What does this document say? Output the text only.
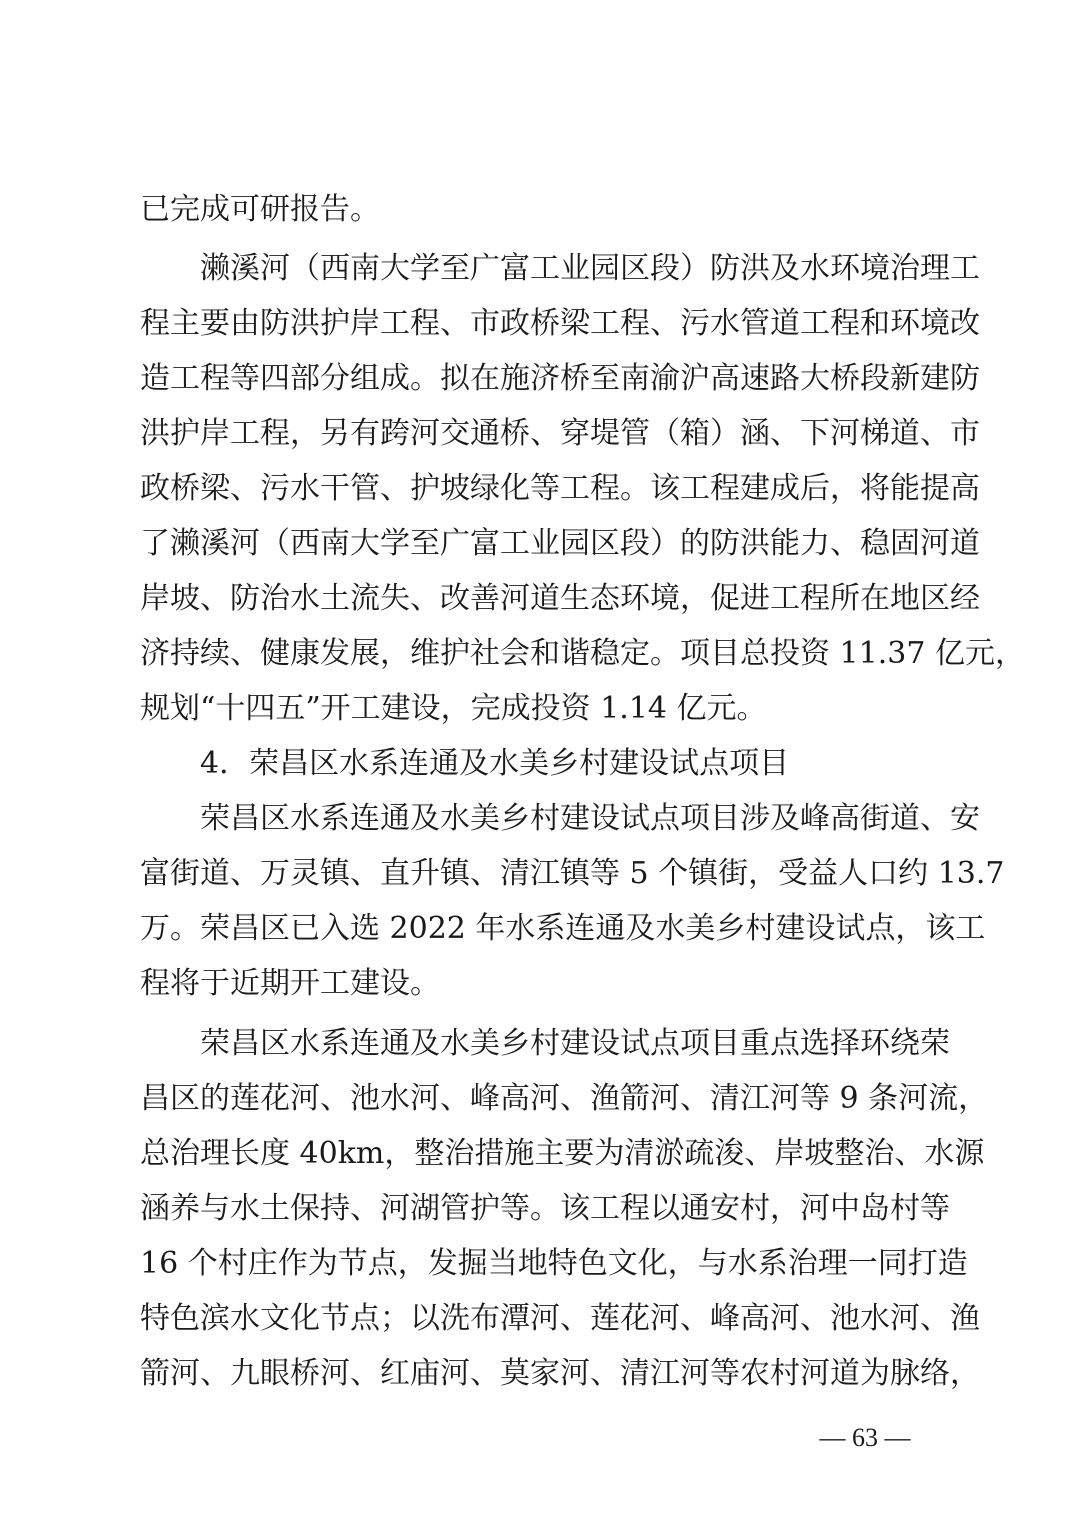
已完成可研报告。
濑溪河（西南大学至广富工业园区段）防洪及水环境治理工
程主要由防洪护岸工程、市政桥梁工程、污水管道工程和环境改
造工程等四部分组成。拟在施济桥至南渝沪高速路大桥段新建防
洪护岸工程，另有跨河交通桥、穿堤管（箱）涵、下河梯道、市
政桥梁、污水干管、护坡绿化等工程。该工程建成后，将能提高
了濑溪河（西南大学至广富工业园区段）的防洪能力、稳固河道
岸坡、防治水土流失、改善河道生态环境，促进工程所在地区经
济持续、健康发展，维护社会和谐稳定。项目总投资 11.37 亿元，
规划“十四五”开工建设，完成投资 1.14 亿元。
4．荣昌区水系连通及水美乡村建设试点项目
荣昌区水系连通及水美乡村建设试点项目涉及峰高街道、安
富街道、万灵镇、直升镇、清江镇等 5 个镇街，受益人口约 13.7
万。荣昌区已入选 2022 年水系连通及水美乡村建设试点，该工
程将于近期开工建设。
荣昌区水系连通及水美乡村建设试点项目重点选择环绕荣
昌区的莲花河、池水河、峰高河、渔箭河、清江河等 9 条河流，
总治理长度 40km，整治措施主要为清淤疏浚、岸坡整治、水源
涵养与水土保持、河湖管护等。该工程以通安村，河中岛村等
16 个村庄作为节点，发掘当地特色文化，与水系治理一同打造
特色滨水文化节点；以洗布潭河、莲花河、峰高河、池水河、渔
箭河、九眼桥河、红庙河、莫家河、清江河等农村河道为脉络，
— 63 —
